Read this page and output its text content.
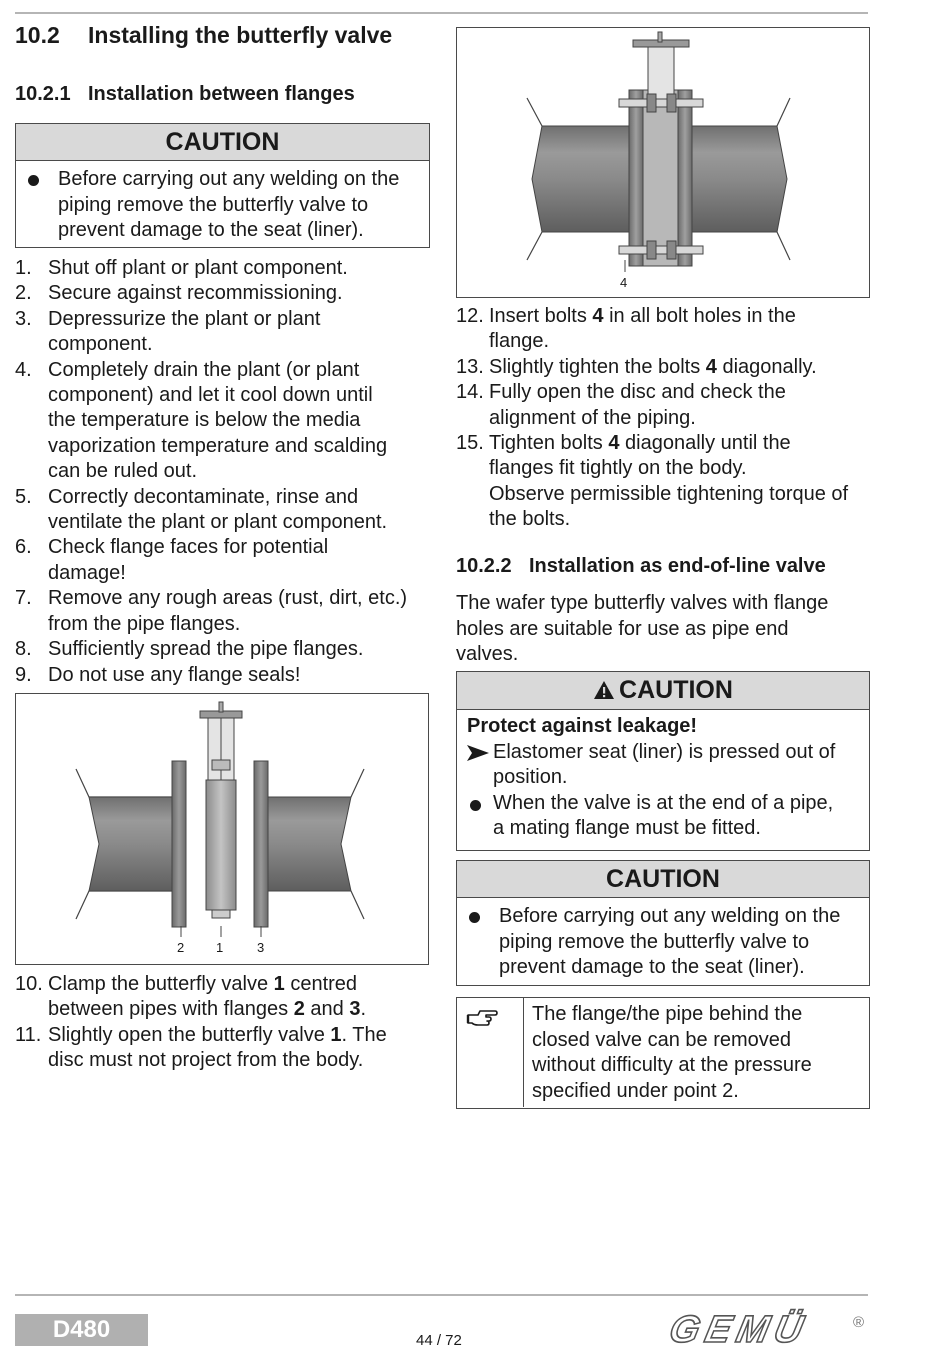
10.2 Installing the butterfly valve
10.2.1 Installation between flanges
CAUTION
Before carrying out any welding on the
piping remove the butterfly valve to
prevent damage to the seat (liner).
1. Shut off plant or plant component.
2. Secure against recommissioning.
3. Depressurize the plant or plant
component.
4. Completely drain the plant (or plant
component) and let it cool down until
the temperature is below the media
vaporization temperature and scalding
can be ruled out.
5. Correctly decontaminate, rinse and
ventilate the plant or plant component.
6. Check flange faces for potential
damage!
7. Remove any rough areas (rust, dirt, etc.)
from the pipe flanges.
8. Sufficiently spread the pipe flanges.
9. Do not use any flange seals!
2 1	3
10. Clamp the butterfly valve 1 centred
between pipes with flanges 2 and 3.
11. Slightly open the butterfly valve 1. The
disc must not project from the body.
4
12. Insert bolts 4 in all bolt holes in the
flange.
13. Slightly tighten the bolts 4 diagonally.
14. Fully open the disc and check the
alignment of the piping.
15. Tighten bolts 4 diagonally until the
flanges fit tightly on the body.
Observe permissible tightening torque of
the bolts.
10.2.2 Installation as end-of-line valve
The wafer type butterfly valves with flange
holes are suitable for use as pipe end
valves.
CAUTION
Protect against leakage!
Elastomer seat (liner) is pressed out of
position.
When the valve is at the end of a pipe,
a mating flange must be fitted.
CAUTION
Before carrying out any welding on the
piping remove the butterfly valve to
prevent damage to the seat (liner).
The flange/the pipe behind the
closed valve can be removed
without difficulty at the pressure
specified under point 2.
D480	44 / 72	GEMÜ	®
